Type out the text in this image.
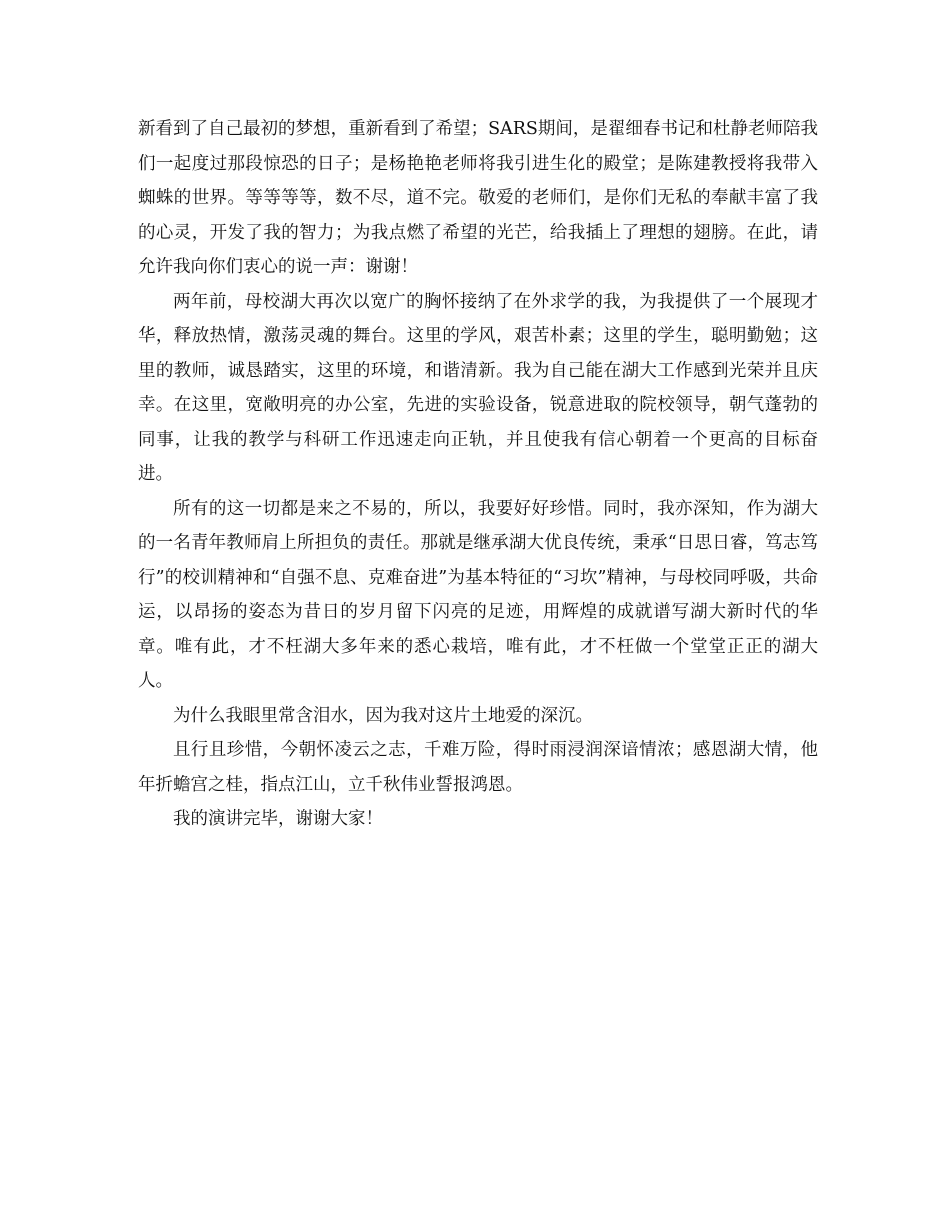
新看到了自己最初的梦想，重新看到了希望；SARS期间，是翟细春书记和杜静老师陪我们一起度过那段惊恐的日子；是杨艳艳老师将我引进生化的殿堂；是陈建教授将我带入蜘蛛的世界。等等等等，数不尽，道不完。敬爱的老师们，是你们无私的奉献丰富了我的心灵，开发了我的智力；为我点燃了希望的光芒，给我插上了理想的翅膀。在此，请允许我向你们衷心的说一声：谢谢！

两年前，母校湖大再次以宽广的胸怀接纳了在外求学的我，为我提供了一个展现才华，释放热情，激荡灵魂的舞台。这里的学风，艰苦朴素；这里的学生，聪明勤勉；这里的教师，诚恳踏实，这里的环境，和谐清新。我为自己能在湖大工作感到光荣并且庆幸。在这里，宽敞明亮的办公室，先进的实验设备，锐意进取的院校领导，朝气蓬勃的同事，让我的教学与科研工作迅速走向正轨，并且使我有信心朝着一个更高的目标奋进。

所有的这一切都是来之不易的，所以，我要好好珍惜。同时，我亦深知，作为湖大的一名青年教师肩上所担负的责任。那就是继承湖大优良传统，秉承“日思日睿，笃志笃行”的校训精神和“自强不息、克难奋进”为基本特征的“习坎”精神，与母校同呼吸，共命运，以昂扬的姿态为昔日的岁月留下闪亮的足迹，用辉煌的成就谱写湖大新时代的华章。唯有此，才不枉湖大多年来的悉心栽培，唯有此，才不枉做一个堂堂正正的湖大人。

为什么我眼里常含泪水，因为我对这片土地爱的深沉。

且行且珍惜，今朝怀凌云之志，千难万险，得时雨浸润深谙情浓；感恩湖大情，他年折蟾宫之桂，指点江山，立千秋伟业誓报鸿恩。

我的演讲完毕，谢谢大家！
